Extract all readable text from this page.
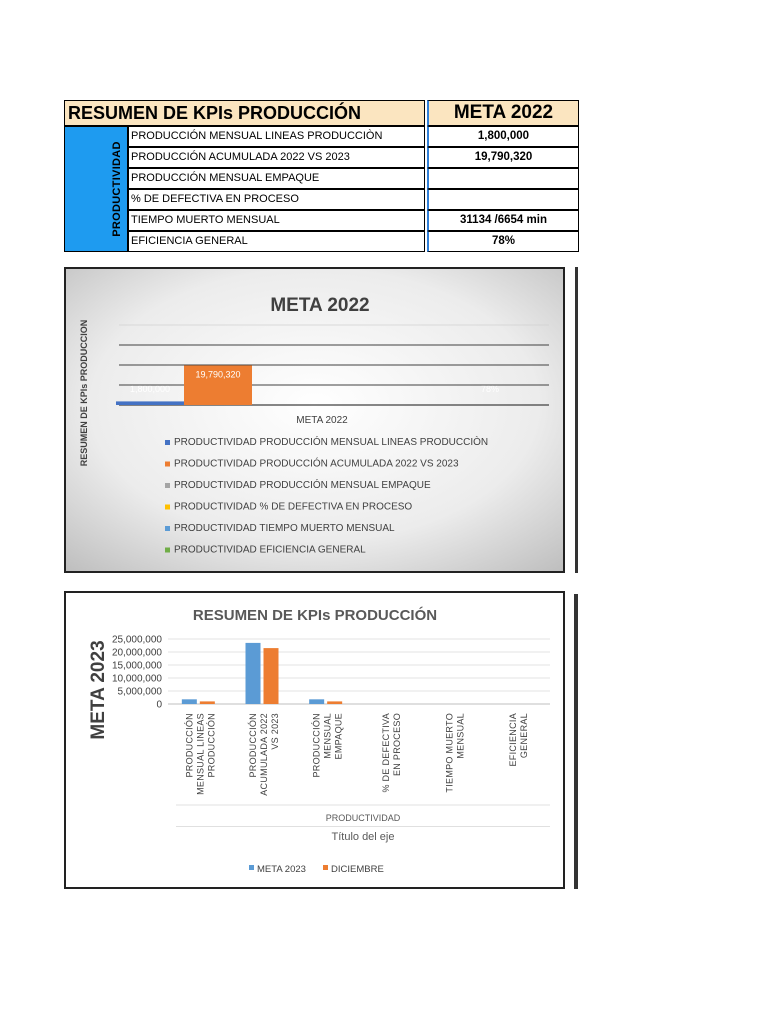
RESUMEN DE KPIs PRODUCCIÓN	META 2022
PRODUCTIVIDAD
PRODUCCIÓN MENSUAL LINEAS PRODUCCIÒN	1,800,000
PRODUCCIÓN ACUMULADA 2022 VS 2023	19,790,320
PRODUCCIÓN MENSUAL EMPAQUE
% DE DEFECTIVA EN PROCESO
TIEMPO MUERTO MENSUAL	31134 /6654 min
EFICIENCIA GENERAL	78%
META 2022
RESUMEN DE KPIs PRODUCCION	1,800,000
19,790,320
78%
META 2022
PRODUCTIVIDAD PRODUCCIÓN MENSUAL LINEAS PRODUCCIÒN
PRODUCTIVIDAD PRODUCCIÓN ACUMULADA 2022 VS 2023
PRODUCTIVIDAD PRODUCCIÓN MENSUAL EMPAQUE
PRODUCTIVIDAD % DE DEFECTIVA EN PROCESO
PRODUCTIVIDAD TIEMPO MUERTO MENSUAL
PRODUCTIVIDAD EFICIENCIA GENERAL
RESUMEN DE KPIs PRODUCCIÓN
META 2023	0
5,000,000
10,000,000
15,000,000
20,000,000
25,000,000
PRODUCCIÓN MENSUAL LINEAS PRODUCCIÓN	PRODUCCIÓN ACUMULADA 2022 VS 2023	PRODUCCIÓN MENSUAL EMPAQUE	% DE DEFECTIVA EN PROCESO	TIEMPO MUERTO MENSUAL	EFICIENCIA GENERAL
PRODUCTIVIDAD
Título del eje
META 2023	DICIEMBRE
